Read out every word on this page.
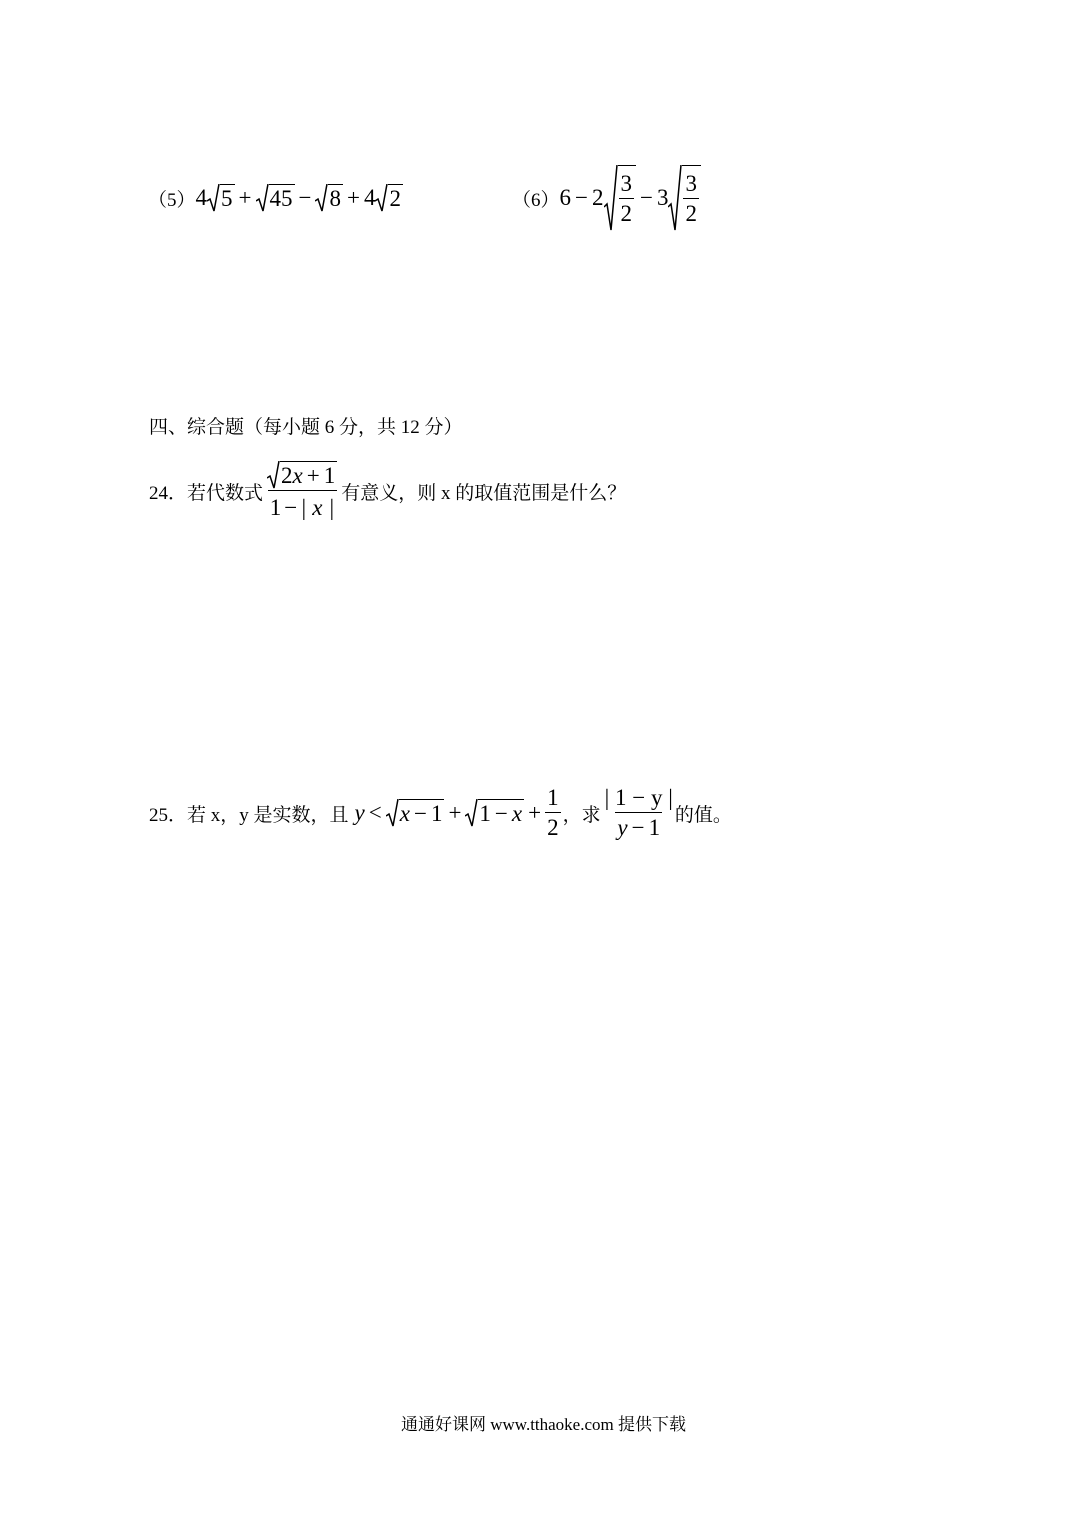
（5） 4 5 + 45 − 8 + 4 2	（6） $6 - 2 \frac{3}{2} - 3 \frac{3}{2}$
四、综合题（每小题 6 分，共 12 分）
24． 若代数式 $\frac{2 x + 1}{1 - | x |}$ 有意义，则 x 的取值范围是什么？
25． 若 x，y 是实数，且 $y < x - 1 + 1 - x + \frac{1}{2}$ ，求 $\frac{| 1 - y |}{y - 1}$ 的值。
通通好课网 www.tthaoke.com 提供下载
